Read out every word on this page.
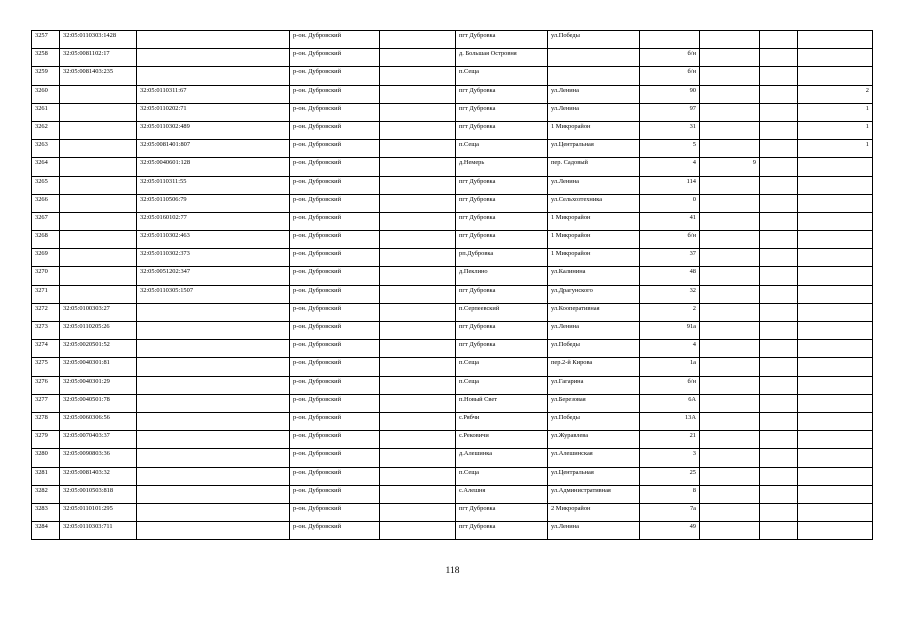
3257	32:05:0110303:1428		р-он. Дубровский		пгт Дубровка	ул.Победы				
3258	32:05:0081102:17		р-он. Дубровский		д. Большая Островня		б/н			
3259	32:05:0081403:235		р-он. Дубровский		п.Сеща		б/н			
3260		32:05:0110311:67	р-он. Дубровский		пгт Дубровка	ул.Ленина	90			2
3261		32:05:0110202:71	р-он. Дубровский		пгт Дубровка	ул.Ленина	97			1
3262		32:05:0110302:489	р-он. Дубровский		пгт Дубровка	1 Микрорайон	31			1
3263		32:05:0081401:807	р-он. Дубровский		п.Сеща	ул.Центральная	5			1
3264		32:05:0040601:128	р-он. Дубровский		д.Немерь	пер. Садовый	4	9		
3265		32:05:0110311:55	р-он. Дубровский		пгт Дубровка	ул.Ленина	114			
3266		32:05:0110506:79	р-он. Дубровский		пгт Дубровка	ул.Сельхозтехника	0			
3267		32:05:0160102:77	р-он. Дубровский		пгт Дубровка	1 Микрорайон	41			
3268		32:05:0110302:463	р-он. Дубровский		пгт Дубровка	1 Микрорайон	б/н			
3269		32:05:0110302:373	р-он. Дубровский		рп.Дубровка	1 Микрорайон	37			
3270		32:05:0051202:347	р-он. Дубровский		д.Пеклино	ул.Калинина	48			
3271		32:05:0110305:1507	р-он. Дубровский		пгт Дубровка	ул.Драгунского	32			
3272	32:05:0100303:27		р-он. Дубровский		п.Серпеевский	ул.Кооперативная	2			
3273	32:05:0110205:26		р-он. Дубровский		пгт Дубровка	ул.Ленина	91а			
3274	32:05:0020501:52		р-он. Дубровский		пгт Дубровка	ул.Победы	4			
3275	32:05:0040301:81		р-он. Дубровский		п.Сеща	пер.2-й Кирова	1а			
3276	32:05:0040301:29		р-он. Дубровский		п.Сеща	ул.Гагарина	б/н			
3277	32:05:0040501:78		р-он. Дубровский		п.Новый Свет	ул.Березовая	6А			
3278	32:05:0060306:56		р-он. Дубровский		с.Рябчи	ул.Победы	13А			
3279	32:05:0070403:37		р-он. Дубровский		с.Рековичи	ул.Журавлева	21			
3280	32:05:0090803:36		р-он. Дубровский		д.Алешинка	ул.Алешинская	3			
3281	32:05:0081403:32		р-он. Дубровский		п.Сеща	ул.Центральная	25			
3282	32:05:0010503:818		р-он. Дубровский		с.Алешня	ул.Административная	8			
3283	32:05:0110101:295		р-он. Дубровский		пгт Дубровка	2 Микрорайон	7а			
3284	32:05:0110303:711		р-он. Дубровский		пгт Дубровка	ул.Ленина	49			
118
